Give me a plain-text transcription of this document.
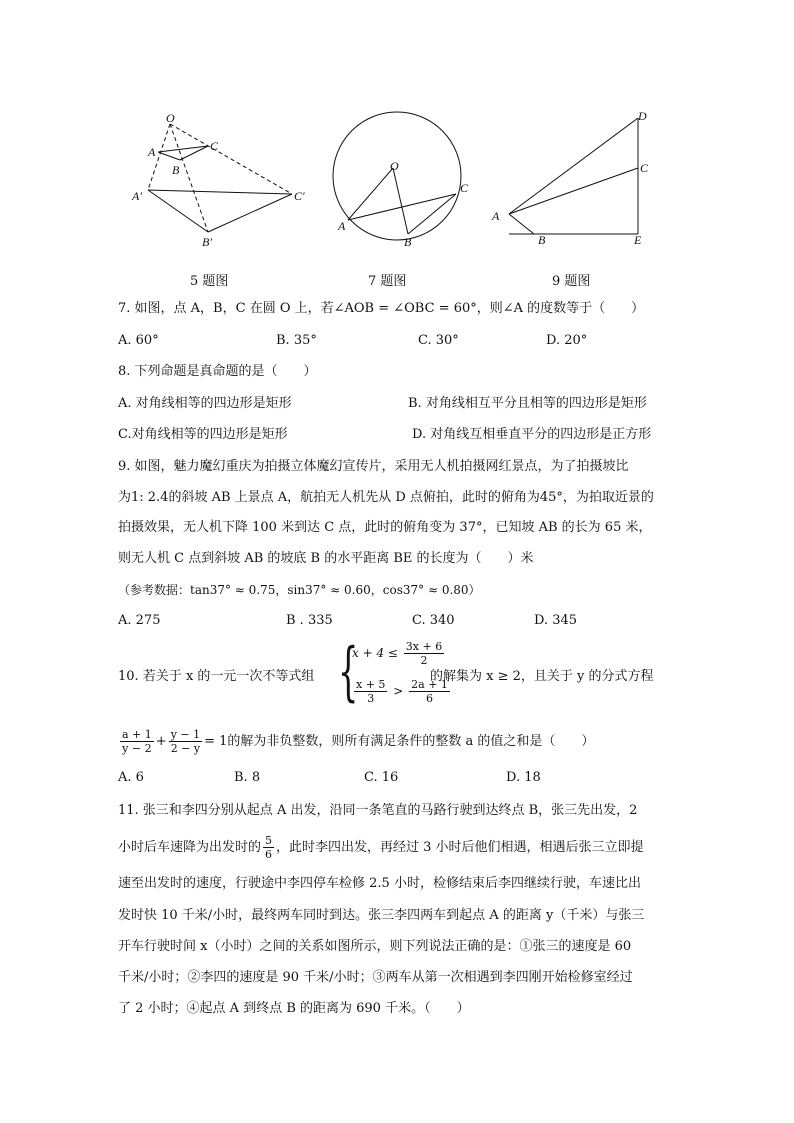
O
A
B
C
A′
B′
C′
5 题图
O
A
B
C
7 题图
D
C
A
B	E
9 题图
7. 如图，点 A，B，C 在圆 O 上，若∠AOB = ∠OBC = 60°，则∠A 的度数等于（　　）
A. 60°	B. 35°	C. 30°	D. 20°
8. 下列命题是真命题的是（　　）
A. 对角线相等的四边形是矩形	B. 对角线相互平分且相等的四边形是矩形
C.对角线相等的四边形是矩形	D. 对角线互相垂直平分的四边形是正方形
9. 如图，魅力魔幻重庆为拍摄立体魔幻宣传片，采用无人机拍摄网红景点，为了拍摄坡比
为1: 2.4的斜坡 AB 上景点 A，航拍无人机先从 D 点俯拍，此时的俯角为45°，为拍取近景的
拍摄效果，无人机下降 100 米到达 C 点，此时的俯角变为 37°，已知坡 AB 的长为 65 米，
则无人机 C 点到斜坡 AB 的坡底 B 的水平距离 BE 的长度为（　　）米
（参考数据：tan37° ≈ 0.75，sin37° ≈ 0.60，cos37° ≈ 0.80）
A. 275	B . 335	C. 340	D. 345
10. 若关于 x 的一元一次不等式组 {
$x + 4 \le \frac{3x + 6}{2}$
$\frac{x + 5}{3} > \frac{2a + 1}{6}$
的解集为 x ≥ 2，且关于 y 的分式方程
$\frac{a + 1}{y - 2} + \frac{y - 1}{2 - y} = 1$的解为非负整数，则所有满足条件的整数 a 的值之和是（　　）
A. 6	B. 8	C. 16	D. 18
11. 张三和李四分别从起点 A 出发，沿同一条笔直的马路行驶到达终点 B，张三先出发，2
小时后车速降为出发时的 $\frac{5}{6}$ ，此时李四出发，再经过 3 小时后他们相遇，相遇后张三立即提
速至出发时的速度，行驶途中李四停车检修 2.5 小时，检修结束后李四继续行驶，车速比出
发时快 10 千米/小时，最终两车同时到达。张三李四两车到起点 A 的距离 y（千米）与张三
开车行驶时间 x（小时）之间的关系如图所示，则下列说法正确的是：①张三的速度是 60
千米/小时；②李四的速度是 90 千米/小时；③两车从第一次相遇到李四刚开始检修室经过
了 2 小时；④起点 A 到终点 B 的距离为 690 千米。（　　）
